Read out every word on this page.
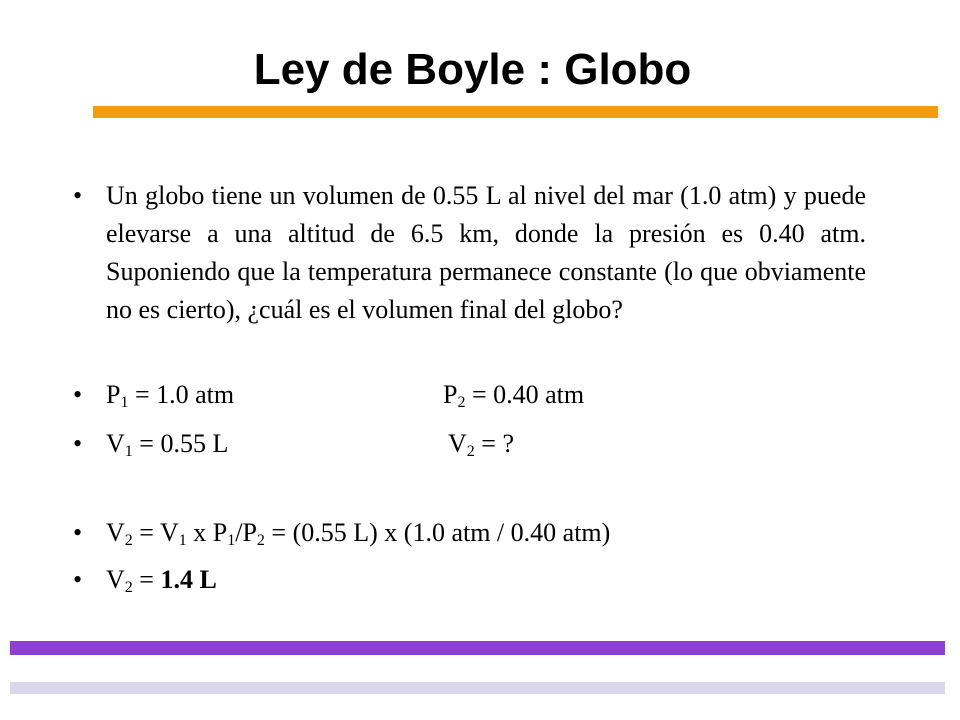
Ley de Boyle : Globo
• Un globo tiene un volumen de 0.55 L al nivel del mar (1.0 atm) y puede elevarse a una altitud de 6.5 km, donde la presión es 0.40 atm. Suponiendo que la temperatura permanece constante (lo que obviamente no es cierto), ¿cuál es el volumen final del globo?
• $P_1 = 1.0$ atm	$P_2 = 0.40$ atm
• $V_1 = 0.55$ L	$V_2$ = ?
• $V_2 = V_1$ x $P_1/P_2 = (0.55$ L) x (1.0 atm / 0.40 atm)
• $V_2 = 1.4$ L
